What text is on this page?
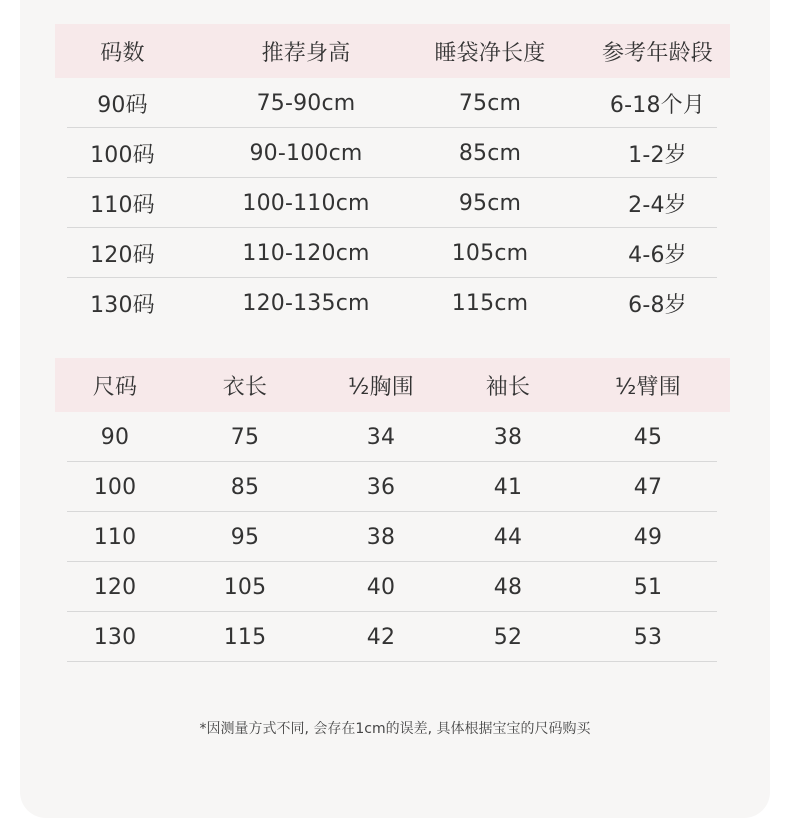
码数	推荐身高	睡袋净长度	参考年龄段
90码	75-90cm	75cm	6-18个月
100码	90-100cm	85cm	1-2岁
110码	100-110cm	95cm	2-4岁
120码	110-120cm	105cm	4-6岁
130码	120-135cm	115cm	6-8岁
尺码	衣长	½胸围	袖长	½臂围
90	75	34	38	45
100	85	36	41	47
110	95	38	44	49
120	105	40	48	51
130	115	42	52	53
*因测量方式不同, 会存在1cm的误差, 具体根据宝宝的尺码购买
